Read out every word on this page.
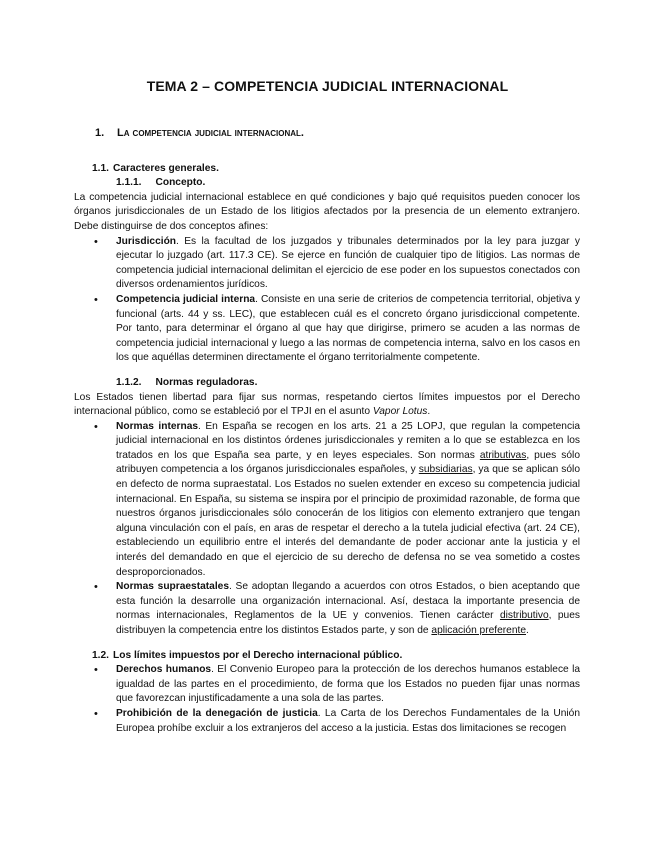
TEMA 2 – COMPETENCIA JUDICIAL INTERNACIONAL
1. La competencia judicial internacional.
1.1. Caracteres generales.
1.1.1. Concepto.

La competencia judicial internacional establece en qué condiciones y bajo qué requisitos pueden conocer los órganos jurisdiccionales de un Estado de los litigios afectados por la presencia de un elemento extranjero. Debe distinguirse de dos conceptos afines:

• Jurisdicción. Es la facultad de los juzgados y tribunales determinados por la ley para juzgar y ejecutar lo juzgado (art. 117.3 CE). Se ejerce en función de cualquier tipo de litigios. Las normas de competencia judicial internacional delimitan el ejercicio de ese poder en los supuestos conectados con diversos ordenamientos jurídicos.
• Competencia judicial interna. Consiste en una serie de criterios de competencia territorial, objetiva y funcional (arts. 44 y ss. LEC), que establecen cuál es el concreto órgano jurisdiccional competente. Por tanto, para determinar el órgano al que hay que dirigirse, primero se acuden a las normas de competencia judicial internacional y luego a las normas de competencia interna, salvo en los casos en los que aquéllas determinen directamente el órgano territorialmente competente.
1.1.2. Normas reguladoras.

Los Estados tienen libertad para fijar sus normas, respetando ciertos límites impuestos por el Derecho internacional público, como se estableció por el TPJI en el asunto Vapor Lotus.

• Normas internas. En España se recogen en los arts. 21 a 25 LOPJ, que regulan la competencia judicial internacional en los distintos órdenes jurisdiccionales y remiten a lo que se establezca en los tratados en los que España sea parte, y en leyes especiales. Son normas atributivas, pues sólo atribuyen competencia a los órganos jurisdiccionales españoles, y subsidiarias, ya que se aplican sólo en defecto de norma supraestatal. Los Estados no suelen extender en exceso su competencia judicial internacional. En España, su sistema se inspira por el principio de proximidad razonable, de forma que nuestros órganos jurisdiccionales sólo conocerán de los litigios con elemento extranjero que tengan alguna vinculación con el país, en aras de respetar el derecho a la tutela judicial efectiva (art. 24 CE), estableciendo un equilibrio entre el interés del demandante de poder accionar ante la justicia y el interés del demandado en que el ejercicio de su derecho de defensa no se vea sometido a costes desproporcionados.
• Normas supraestatales. Se adoptan llegando a acuerdos con otros Estados, o bien aceptando que esta función la desarrolle una organización internacional. Así, destaca la importante presencia de normas internacionales, Reglamentos de la UE y convenios. Tienen carácter distributivo, pues distribuyen la competencia entre los distintos Estados parte, y son de aplicación preferente.
1.2. Los límites impuestos por el Derecho internacional público.
• Derechos humanos. El Convenio Europeo para la protección de los derechos humanos establece la igualdad de las partes en el procedimiento, de forma que los Estados no pueden fijar unas normas que favorezcan injustificadamente a una sola de las partes.
• Prohibición de la denegación de justicia. La Carta de los Derechos Fundamentales de la Unión Europea prohíbe excluir a los extranjeros del acceso a la justicia. Estas dos limitaciones se recogen
